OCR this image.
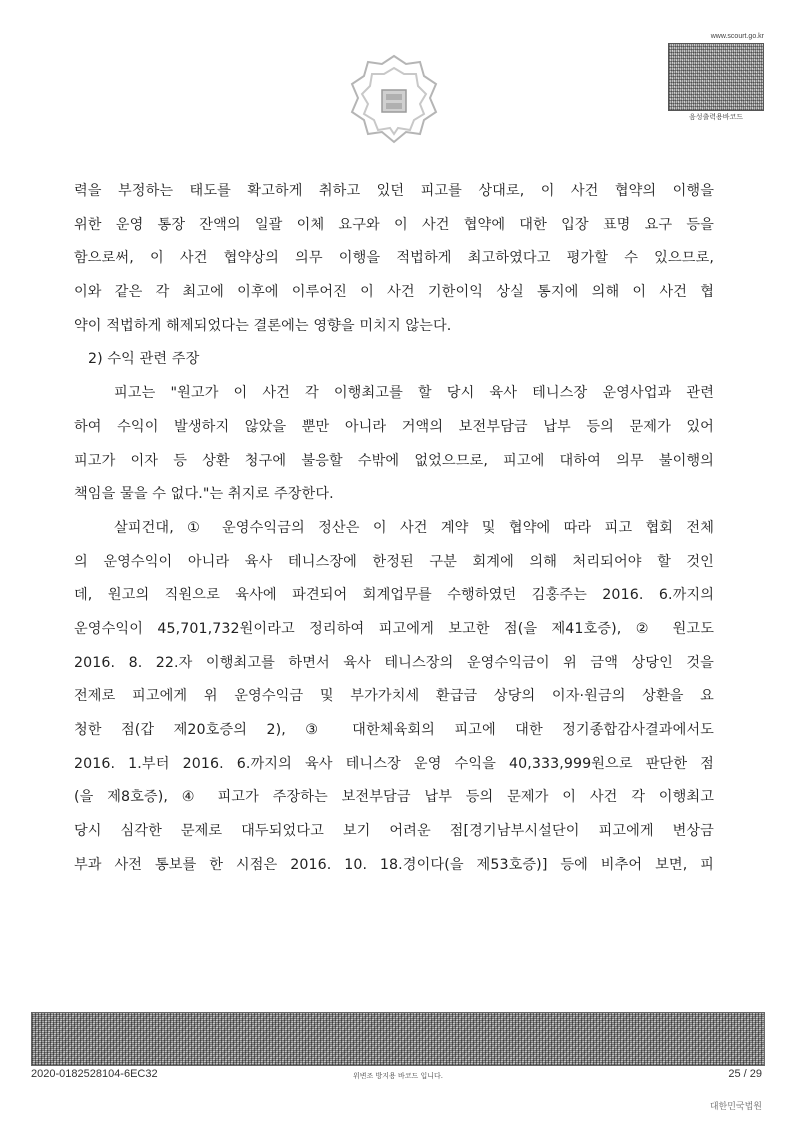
www.scourt.go.kr
음성출력용바코드
력을 부정하는 태도를 확고하게 취하고 있던 피고를 상대로, 이 사건 협약의 이행을
위한 운영 통장 잔액의 일괄 이체 요구와 이 사건 협약에 대한 입장 표명 요구 등을
함으로써, 이 사건 협약상의 의무 이행을 적법하게 최고하였다고 평가할 수 있으므로,
이와 같은 각 최고에 이후에 이루어진 이 사건 기한이익 상실 통지에 의해 이 사건 협
약이 적법하게 해제되었다는 결론에는 영향을 미치지 않는다.
2) 수익 관련 주장
피고는 "원고가 이 사건 각 이행최고를 할 당시 육사 테니스장 운영사업과 관련
하여 수익이 발생하지 않았을 뿐만 아니라 거액의 보전부담금 납부 등의 문제가 있어
피고가 이자 등 상환 청구에 불응할 수밖에 없었으므로, 피고에 대하여 의무 불이행의
책임을 물을 수 없다."는 취지로 주장한다.
살피건대, ① 운영수익금의 정산은 이 사건 계약 및 협약에 따라 피고 협회 전체
의 운영수익이 아니라 육사 테니스장에 한정된 구분 회계에 의해 처리되어야 할 것인
데, 원고의 직원으로 육사에 파견되어 회계업무를 수행하였던 김홍주는 2016. 6.까지의
운영수익이 45,701,732원이라고 정리하여 피고에게 보고한 점(을 제41호증), ② 원고도
2016. 8. 22.자 이행최고를 하면서 육사 테니스장의 운영수익금이 위 금액 상당인 것을
전제로 피고에게 위 운영수익금 및 부가가치세 환급금 상당의 이자·원금의 상환을 요
청한 점(갑 제20호증의 2), ③ 대한체육회의 피고에 대한 정기종합감사결과에서도
2016. 1.부터 2016. 6.까지의 육사 테니스장 운영 수익을 40,333,999원으로 판단한 점
(을 제8호증), ④ 피고가 주장하는 보전부담금 납부 등의 문제가 이 사건 각 이행최고
당시 심각한 문제로 대두되었다고 보기 어려운 점[경기남부시설단이 피고에게 변상금
부과 사전 통보를 한 시점은 2016. 10. 18.경이다(을 제53호증)] 등에 비추어 보면, 피
2020-0182528104-6EC32	위변조 방지용 바코드 입니다.	25 / 29
대한민국법원
